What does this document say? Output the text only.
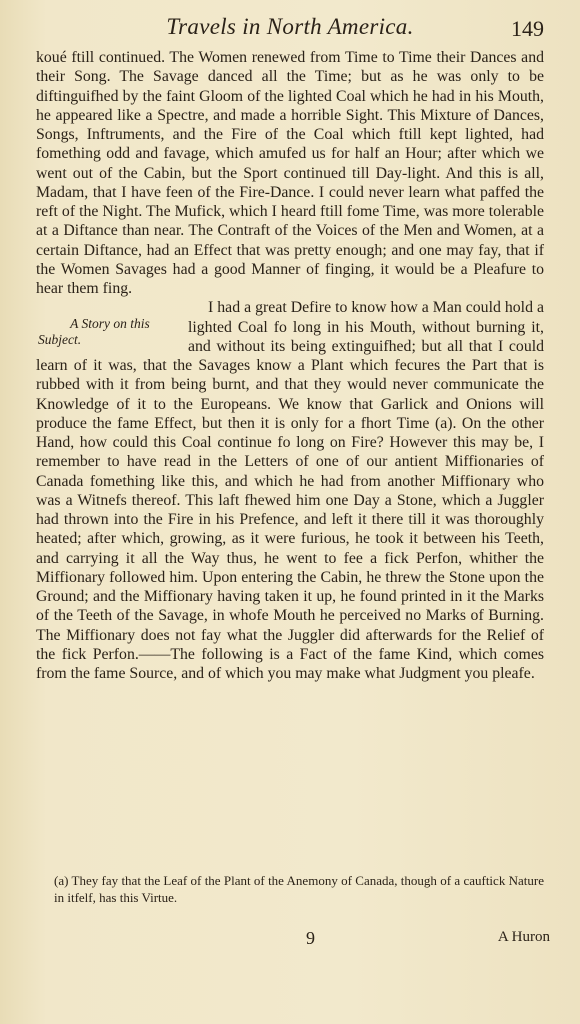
Travels in North America.	149

koué ftill continued. The Women renewed from Time to Time their Dances and their Song. The Savage danced all the Time; but as he was only to be diftinguifhed by the faint Gloom of the lighted Coal which he had in his Mouth, he appeared like a Spectre, and made a horrible Sight. This Mixture of Dances, Songs, Inftruments, and the Fire of the Coal which ftill kept lighted, had fomething odd and favage, which amufed us for half an Hour; after which we went out of the Cabin, but the Sport continued till Day-light. And this is all, Madam, that I have feen of the Fire-Dance. I could never learn what paffed the reft of the Night. The Mufick, which I heard ftill fome Time, was more tolerable at a Diftance than near. The Contraft of the Voices of the Men and Women, at a certain Diftance, had an Effect that was pretty enough; and one may fay, that if the Women Savages had a good Manner of finging, it would be a Pleafure to hear them fing.

A Story on this
Subject.

I had a great Defire to know how a Man could hold a lighted Coal fo long in his Mouth, without burning it, and without its being extinguifhed; but all that I could learn of it was, that the Savages know a Plant which fecures the Part that is rubbed with it from being burnt, and that they would never communicate the Knowledge of it to the Europeans. We know that Garlick and Onions will produce the fame Effect, but then it is only for a fhort Time (a). On the other Hand, how could this Coal continue fo long on Fire? However this may be, I remember to have read in the Letters of one of our antient Miffionaries of Canada fomething like this, and which he had from another Miffionary who was a Witnefs thereof. This laft fhewed him one Day a Stone, which a Juggler had thrown into the Fire in his Prefence, and left it there till it was thoroughly heated; after which, growing, as it were furious, he took it between his Teeth, and carrying it all the Way thus, he went to fee a fick Perfon, whither the Miffionary followed him. Upon entering the Cabin, he threw the Stone upon the Ground; and the Miffionary having taken it up, he found printed in it the Marks of the Teeth of the Savage, in whofe Mouth he perceived no Marks of Burning. The Miffionary does not fay what the Juggler did afterwards for the Relief of the fick Perfon.——The following is a Fact of the fame Kind, which comes from the fame Source, and of which you may make what Judgment you pleafe.

(a) They fay that the Leaf of the Plant of the Anemony of Canada, though of a cauftick Nature in itfelf, has this Virtue.
9	A Huron
